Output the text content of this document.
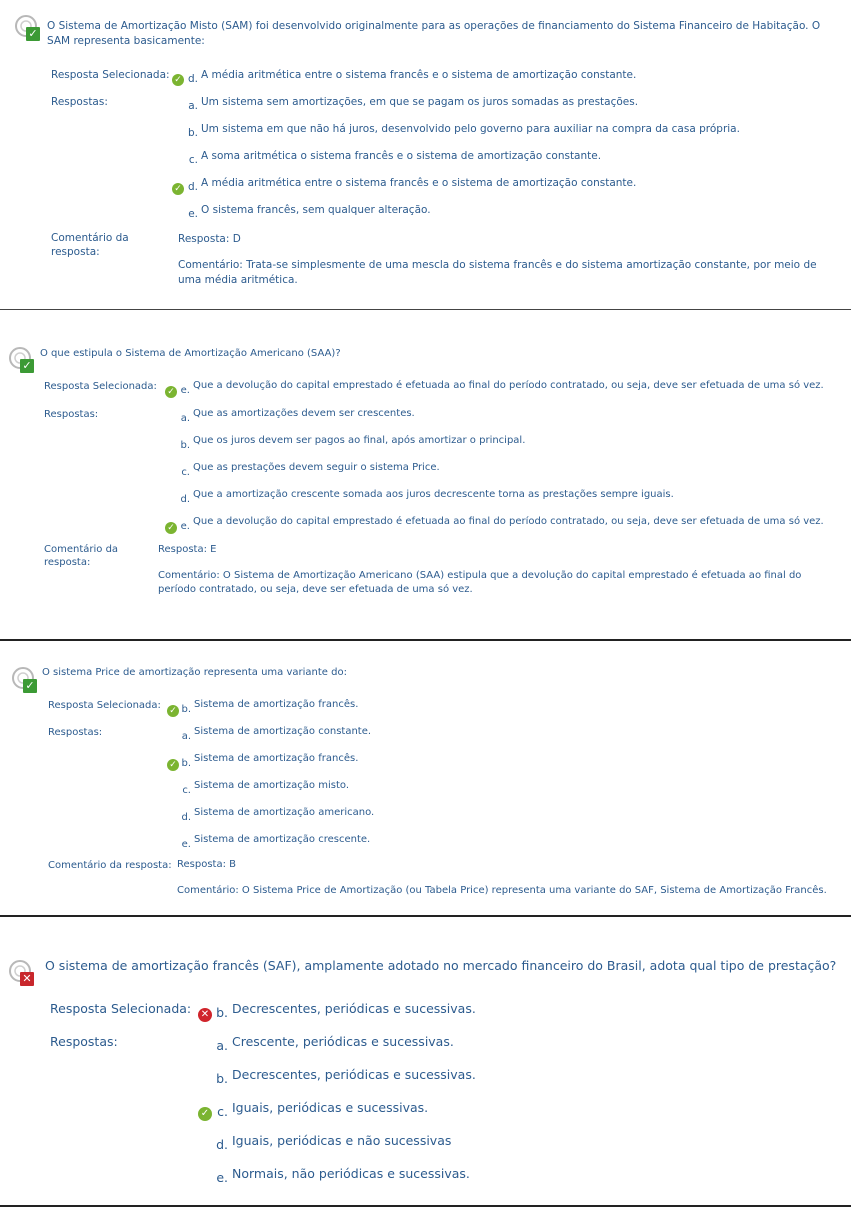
✓
O Sistema de Amortização Misto (SAM) foi desenvolvido originalmente para as operações de financiamento do Sistema Financeiro de Habitação. O SAM representa basicamente:
Resposta Selecionada: ✓ d. A média aritmética entre o sistema francês e o sistema de amortização constante.
Respostas:	a. Um sistema sem amortizações, em que se pagam os juros somadas as prestações.
b. Um sistema em que não há juros, desenvolvido pelo governo para auxiliar na compra da casa própria.
c. A soma aritmética o sistema francês e o sistema de amortização constante.
✓ d. A média aritmética entre o sistema francês e o sistema de amortização constante.
e. O sistema francês, sem qualquer alteração.
Comentário da
resposta:
Resposta: D
Comentário: Trata-se simplesmente de uma mescla do sistema francês e do sistema amortização constante, por meio de uma média aritmética.
✓
O que estipula o Sistema de Amortização Americano (SAA)?
Resposta Selecionada: ✓ e. Que a devolução do capital emprestado é efetuada ao final do período contratado, ou seja, deve ser efetuada de uma só vez.
Respostas:	a. Que as amortizações devem ser crescentes.
b. Que os juros devem ser pagos ao final, após amortizar o principal.
c. Que as prestações devem seguir o sistema Price.
d. Que a amortização crescente somada aos juros decrescente torna as prestações sempre iguais.
✓ e. Que a devolução do capital emprestado é efetuada ao final do período contratado, ou seja, deve ser efetuada de uma só vez.
Comentário da
resposta:
Resposta: E
Comentário: O Sistema de Amortização Americano (SAA) estipula que a devolução do capital emprestado é efetuada ao final do período contratado, ou seja, deve ser efetuada de uma só vez.
✓
O sistema Price de amortização representa uma variante do:
Resposta Selecionada: ✓ b. Sistema de amortização francês.
Respostas:	a. Sistema de amortização constante.
✓ b. Sistema de amortização francês.
c. Sistema de amortização misto.
d. Sistema de amortização americano.
e. Sistema de amortização crescente.
Comentário da resposta: Resposta: B
Comentário: O Sistema Price de Amortização (ou Tabela Price) representa uma variante do SAF, Sistema de Amortização Francês.
✕
O sistema de amortização francês (SAF), amplamente adotado no mercado financeiro do Brasil, adota qual tipo de prestação?
Resposta Selecionada: ✕ b. Decrescentes, periódicas e sucessivas.
Respostas:	a. Crescente, periódicas e sucessivas.
b. Decrescentes, periódicas e sucessivas.
✓ c. Iguais, periódicas e sucessivas.
d. Iguais, periódicas e não sucessivas
e. Normais, não periódicas e sucessivas.
